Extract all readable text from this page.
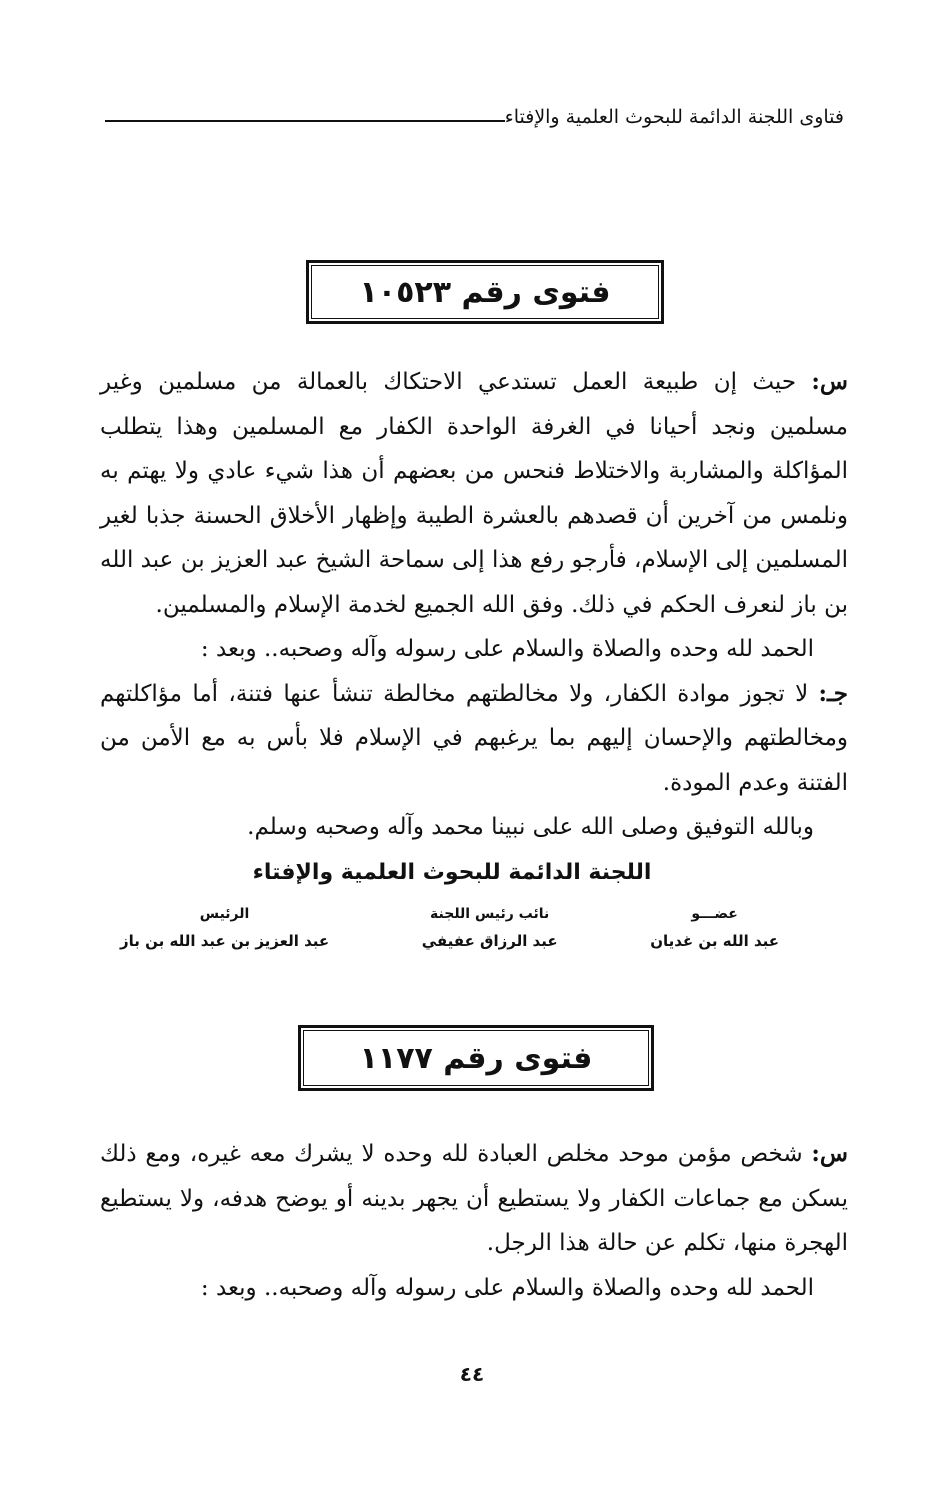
فتاوى اللجنة الدائمة للبحوث العلمية والإفتاء
فتوى رقم ١٠٥٢٣

س: حيث إن طبيعة العمل تستدعي الاحتكاك بالعمالة من مسلمين وغير مسلمين ونجد أحيانا في الغرفة الواحدة الكفار مع المسلمين وهذا يتطلب المؤاكلة والمشاربة والاختلاط فنحس من بعضهم أن هذا شيء عادي ولا يهتم به ونلمس من آخرين أن قصدهم بالعشرة الطيبة وإظهار الأخلاق الحسنة جذبا لغير المسلمين إلى الإسلام، فأرجو رفع هذا إلى سماحة الشيخ عبد العزيز بن عبد الله بن باز لنعرف الحكم في ذلك. وفق الله الجميع لخدمة الإسلام والمسلمين.

الحمد لله وحده والصلاة والسلام على رسوله وآله وصحبه.. وبعد :

جـ: لا تجوز موادة الكفار، ولا مخالطتهم مخالطة تنشأ عنها فتنة، أما مؤاكلتهم ومخالطتهم والإحسان إليهم بما يرغبهم في الإسلام فلا بأس به مع الأمن من الفتنة وعدم المودة.

وبالله التوفيق وصلى الله على نبينا محمد وآله وصحبه وسلم.

اللجنة الدائمة للبحوث العلمية والإفتاء
عضـــو
عبد الله بن غديان
نائب رئيس اللجنة
عبد الرزاق عفيفي
الرئيس
عبد العزيز بن عبد الله بن باز
فتوى رقم ١١٧٧

س: شخص مؤمن موحد مخلص العبادة لله وحده لا يشرك معه غيره، ومع ذلك يسكن مع جماعات الكفار ولا يستطيع أن يجهر بدينه أو يوضح هدفه، ولا يستطيع الهجرة منها، تكلم عن حالة هذا الرجل.

الحمد لله وحده والصلاة والسلام على رسوله وآله وصحبه.. وبعد :

٤٤
